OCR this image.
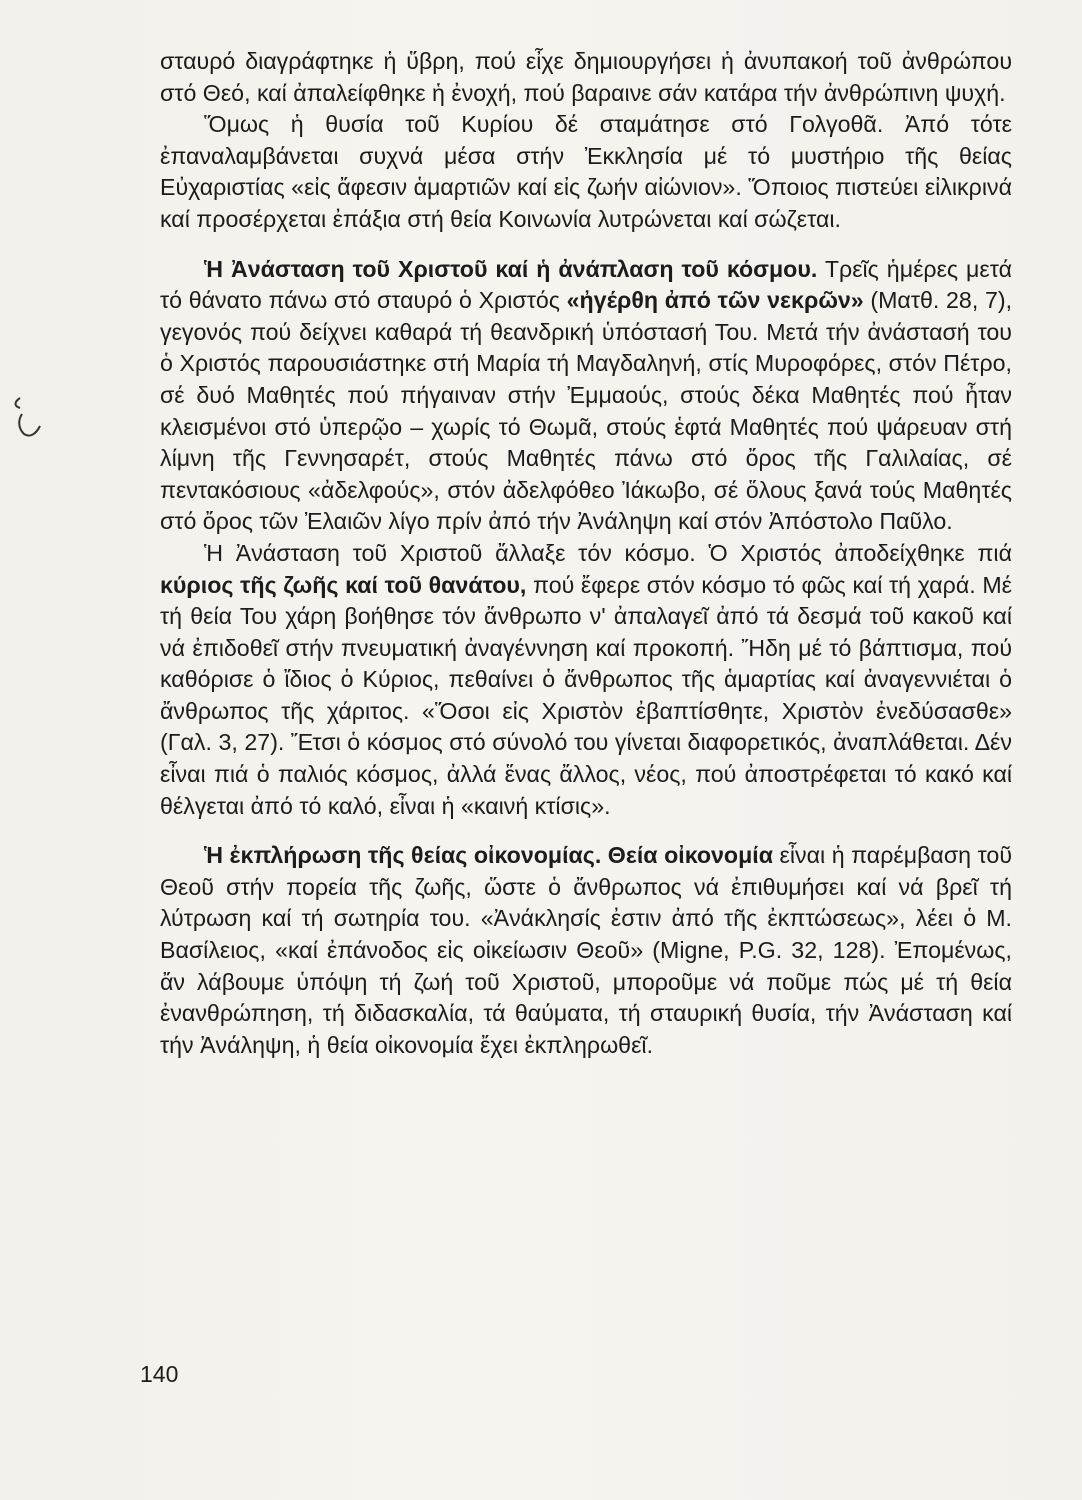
σταυρό διαγράφτηκε ἡ ὕβρη, πού εἶχε δημιουργήσει ἡ ἀνυπακοή τοῦ ἀνθρώπου στό Θεό, καί ἀπαλείφθηκε ἡ ἐνοχή, πού βαραινε σάν κατάρα τήν ἀνθρώπινη ψυχή.

Ὅμως ἡ θυσία τοῦ Κυρίου δέ σταμάτησε στό Γολγοθᾶ. Ἀπό τότε ἐπαναλαμβάνεται συχνά μέσα στήν Ἐκκλησία μέ τό μυστήριο τῆς θείας Εὐχαριστίας «εἰς ἄφεσιν ἁμαρτιῶν καί εἰς ζωήν αἰώνιον». Ὅποιος πιστεύει εἰλικρινά καί προσέρχεται ἐπάξια στή θεία Κοινωνία λυτρώνεται καί σώζεται.

Ἡ Ἀνάσταση τοῦ Χριστοῦ καί ἡ ἀνάπλαση τοῦ κόσμου. Τρεῖς ἡμέρες μετά τό θάνατο πάνω στό σταυρό ὁ Χριστός «ἠγέρθη ἀπό τῶν νεκρῶν» (Ματθ. 28, 7), γεγονός πού δείχνει καθαρά τή θεανδρική ὑπόστασή Του. Μετά τήν ἀνάστασή του ὁ Χριστός παρουσιάστηκε στή Μαρία τή Μαγδαληνή, στίς Μυροφόρες, στόν Πέτρο, σέ δυό Μαθητές πού πήγαιναν στήν Ἐμμαούς, στούς δέκα Μαθητές πού ἦταν κλεισμένοι στό ὑπερῷο – χωρίς τό Θωμᾶ, στούς ἑφτά Μαθητές πού ψάρευαν στή λίμνη τῆς Γεννησαρέτ, στούς Μαθητές πάνω στό ὄρος τῆς Γαλιλαίας, σέ πεντακόσιους «ἀδελφούς», στόν ἀδελφόθεο Ἰάκωβο, σέ ὅλους ξανά τούς Μαθητές στό ὄρος τῶν Ἐλαιῶν λίγο πρίν ἀπό τήν Ἀνάληψη καί στόν Ἀπόστολο Παῦλο.

Ἡ Ἀνάσταση τοῦ Χριστοῦ ἄλλαξε τόν κόσμο. Ὁ Χριστός ἀποδείχθηκε πιά κύριος τῆς ζωῆς καί τοῦ θανάτου, πού ἔφερε στόν κόσμο τό φῶς καί τή χαρά. Μέ τή θεία Του χάρη βοήθησε τόν ἄνθρωπο ν' ἀπαλαγεῖ ἀπό τά δεσμά τοῦ κακοῦ καί νά ἐπιδοθεῖ στήν πνευματική ἀναγέννηση καί προκοπή. Ἤδη μέ τό βάπτισμα, πού καθόρισε ὁ ἴδιος ὁ Κύριος, πεθαίνει ὁ ἄνθρωπος τῆς ἁμαρτίας καί ἀναγεννιέται ὁ ἄνθρωπος τῆς χάριτος. «Ὅσοι εἰς Χριστὸν ἐβαπτίσθητε, Χριστὸν ἐνεδύσασθε» (Γαλ. 3, 27). Ἔτσι ὁ κόσμος στό σύνολό του γίνεται διαφορετικός, ἀναπλάθεται. Δέν εἶναι πιά ὁ παλιός κόσμος, ἀλλά ἕνας ἄλλος, νέος, πού ἀποστρέφεται τό κακό καί θέλγεται ἀπό τό καλό, εἶναι ἡ «καινή κτίσις».

Ἡ ἐκπλήρωση τῆς θείας οἰκονομίας. Θεία οἰκονομία εἶναι ἡ παρέμβαση τοῦ Θεοῦ στήν πορεία τῆς ζωῆς, ὥστε ὁ ἄνθρωπος νά ἐπιθυμήσει καί νά βρεῖ τή λύτρωση καί τή σωτηρία του. «Ἀνάκλησίς ἐστιν ἀπό τῆς ἐκπτώσεως», λέει ὁ Μ. Βασίλειος, «καί ἐπάνοδος εἰς οἰκείωσιν Θεοῦ» (Migne, P.G. 32, 128). Ἐπομένως, ἄν λάβουμε ὑπόψη τή ζωή τοῦ Χριστοῦ, μποροῦμε νά ποῦμε πώς μέ τή θεία ἐνανθρώπηση, τή διδασκαλία, τά θαύματα, τή σταυρική θυσία, τήν Ἀνάσταση καί τήν Ἀνάληψη, ἡ θεία οἰκονομία ἔχει ἐκπληρωθεῖ.

140
